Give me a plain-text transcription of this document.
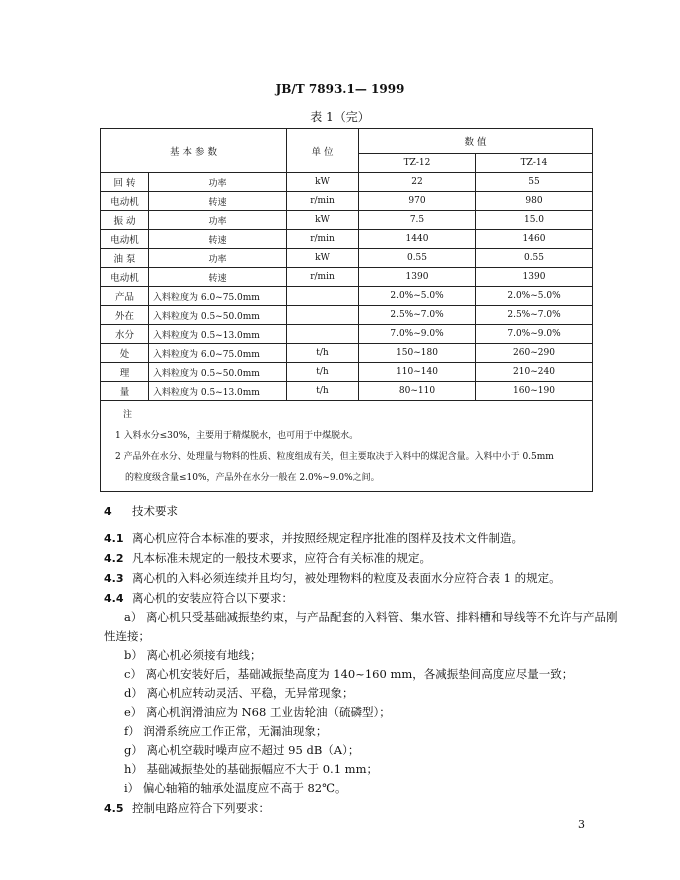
JB/T 7893.1— 1999
表 1（完）
基 本 参 数		单 位	数 值	
			TZ-12	TZ-14
回 转	功率	kW	22	55
电动机	转速	r/min	970	980
振 动	功率	kW	7.5	15.0
电动机	转速	r/min	1440	1460
油 泵	功率	kW	0.55	0.55
电动机	转速	r/min	1390	1390
产品	入料粒度为 6.0~75.0mm		2.0%~5.0%	2.0%~5.0%
外在	入料粒度为 0.5~50.0mm		2.5%~7.0%	2.5%~7.0%
水分	入料粒度为 0.5~13.0mm		7.0%~9.0%	7.0%~9.0%
处	入料粒度为 6.0~75.0mm	t/h	150~180	260~290
理	入料粒度为 0.5~50.0mm	t/h	110~140	210~240
量	入料粒度为 0.5~13.0mm	t/h	80~110	160~190

注
1 入料水分≤30%，主要用于精煤脱水，也可用于中煤脱水。
2 产品外在水分、处理量与物料的性质、粒度组成有关，但主要取决于入料中的煤泥含量。入料中小于 0.5mm
的粒度级含量≤10%，产品外在水分一般在 2.0%~9.0%之间。				
4 技术要求
4.1 离心机应符合本标准的要求，并按照经规定程序批准的图样及技术文件制造。
4.2 凡本标准未规定的一般技术要求，应符合有关标准的规定。
4.3 离心机的入料必须连续并且均匀，被处理物料的粒度及表面水分应符合表 1 的规定。
4.4 离心机的安装应符合以下要求：
a） 离心机只受基础减振垫约束，与产品配套的入料管、集水管、排料槽和导线等不允许与产品刚
性连接；
b） 离心机必须接有地线；
c） 离心机安装好后，基础减振垫高度为 140~160 mm，各减振垫间高度应尽量一致；
d） 离心机应转动灵活、平稳，无异常现象；
e） 离心机润滑油应为 N68 工业齿轮油（硫磷型）；
f） 润滑系统应工作正常，无漏油现象；
g） 离心机空载时噪声应不超过 95 dB（A）；
h） 基础减振垫处的基础振幅应不大于 0.1 mm；
i） 偏心轴箱的轴承处温度应不高于 82℃。
4.5 控制电路应符合下列要求：
3
